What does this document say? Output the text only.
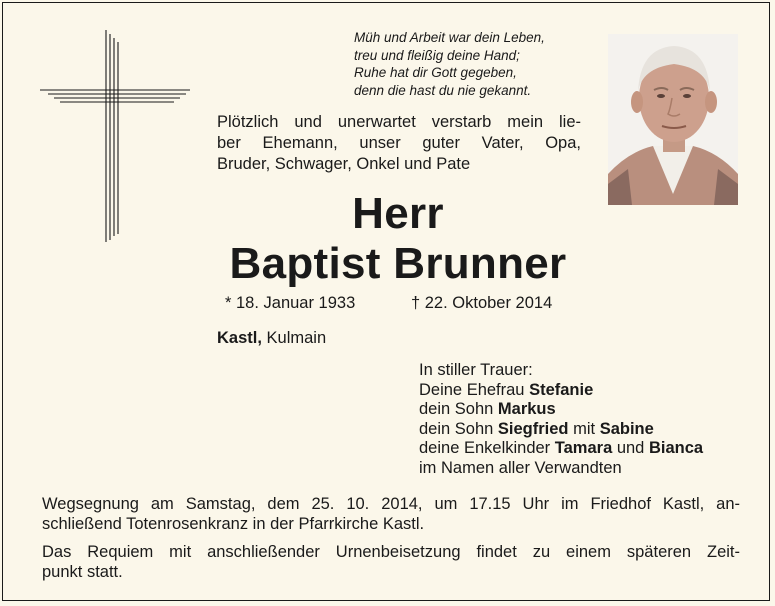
Müh und Arbeit war dein Leben,
treu und fleißig deine Hand;
Ruhe hat dir Gott gegeben,
denn die hast du nie gekannt.
Plötzlich und unerwartet verstarb mein lie-
ber Ehemann, unser guter Vater, Opa,
Bruder, Schwager, Onkel und Pate
Herr
Baptist Brunner
* 18. Januar 1933	† 22. Oktober 2014
Kastl, Kulmain
In stiller Trauer:
Deine Ehefrau Stefanie
dein Sohn Markus
dein Sohn Siegfried mit Sabine
deine Enkelkinder Tamara und Bianca
im Namen aller Verwandten
Wegsegnung am Samstag, dem 25. 10. 2014, um 17.15 Uhr im Friedhof Kastl, an-
schließend Totenrosenkranz in der Pfarrkirche Kastl.
Das Requiem mit anschließender Urnenbeisetzung findet zu einem späteren Zeit-
punkt statt.
